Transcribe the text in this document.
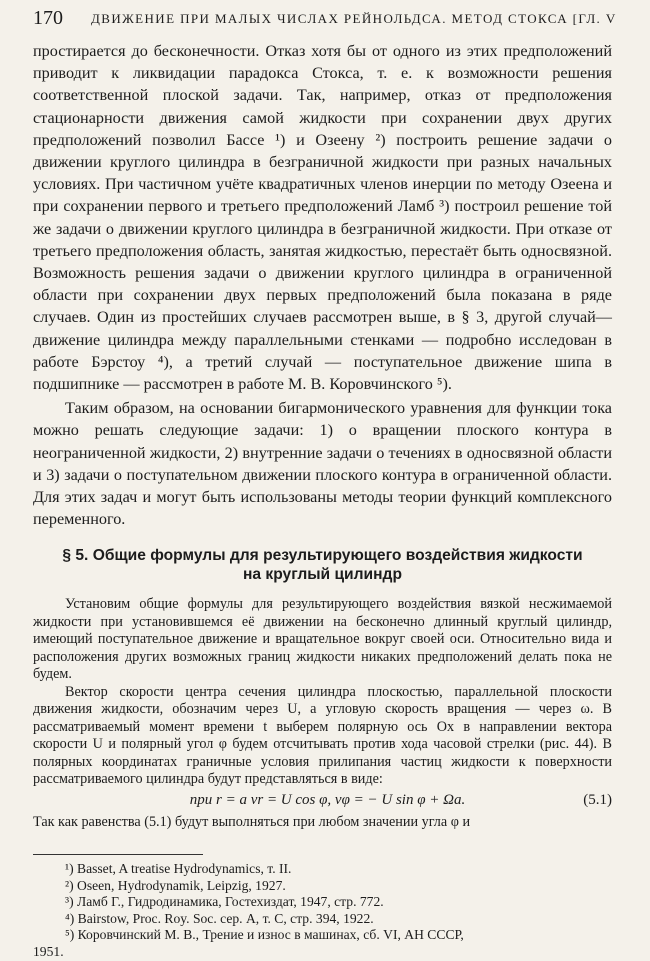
170 ДВИЖЕНИЕ ПРИ МАЛЫХ ЧИСЛАХ РЕЙНОЛЬДСА. МЕТОД СТОКСА [ГЛ. V

простирается до бесконечности. Отказ хотя бы от одного из этих предположений приводит к ликвидации парадокса Стокса, т. е. к возможности решения соответственной плоской задачи. Так, например, отказ от предположения стационарности движения самой жидкости при сохранении двух других предположений позволил Бассе ¹) и Озеену ²) построить решение задачи о движении круглого цилиндра в безграничной жидкости при разных начальных условиях. При частичном учёте квадратичных членов инерции по методу Озеена и при сохранении первого и третьего предположений Ламб ³) построил решение той же задачи о движении круглого цилиндра в безграничной жидкости. При отказе от третьего предположения область, занятая жидкостью, перестаёт быть односвязной. Возможность решения задачи о движении круглого цилиндра в ограниченной области при сохранении двух первых предположений была показана в ряде случаев. Один из простейших случаев рассмотрен выше, в § 3, другой случай—движение цилиндра между параллельными стенками — подробно исследован в работе Бэрстоу ⁴), а третий случай — поступательное движение шипа в подшипнике — рассмотрен в работе М. В. Коровчинского ⁵).

Таким образом, на основании бигармонического уравнения для функции тока можно решать следующие задачи: 1) о вращении плоского контура в неограниченной жидкости, 2) внутренние задачи о течениях в односвязной области и 3) задачи о поступательном движении плоского контура в ограниченной области. Для этих задач и могут быть использованы методы теории функций комплексного переменного.

§ 5. Общие формулы для результирующего воздействия жидкости
на круглый цилиндр

Установим общие формулы для результирующего воздействия вязкой несжимаемой жидкости при установившемся её движении на бесконечно длинный круглый цилиндр, имеющий поступательное движение и вращательное вокруг своей оси. Относительно вида и расположения других возможных границ жидкости никаких предположений делать пока не будем.

Вектор скорости центра сечения цилиндра плоскостью, параллельной плоскости движения жидкости, обозначим через U, а угловую скорость вращения — через ω. В рассматриваемый момент времени t выберем полярную ось Ox в направлении вектора скорости U и полярный угол φ будем отсчитывать против хода часовой стрелки (рис. 44). В полярных координатах граничные условия прилипания частиц жидкости к поверхности рассматриваемого цилиндра будут представляться в виде:

при r = a vr = U cos φ, vφ = − U sin φ + Ωa.	(5.1)

Так как равенства (5.1) будут выполняться при любом значении угла φ и

¹) Basset, A treatise Hydrodynamics, т. II.
²) Oseen, Hydrodynamik, Leipzig, 1927.
³) Ламб Г., Гидродинамика, Гостехиздат, 1947, стр. 772.
⁴) Bairstow, Proc. Roy. Soc. сер. A, т. C, стр. 394, 1922.
⁵) Коровчинский М. В., Трение и износ в машинах, сб. VI, АН СССР,
1951.
